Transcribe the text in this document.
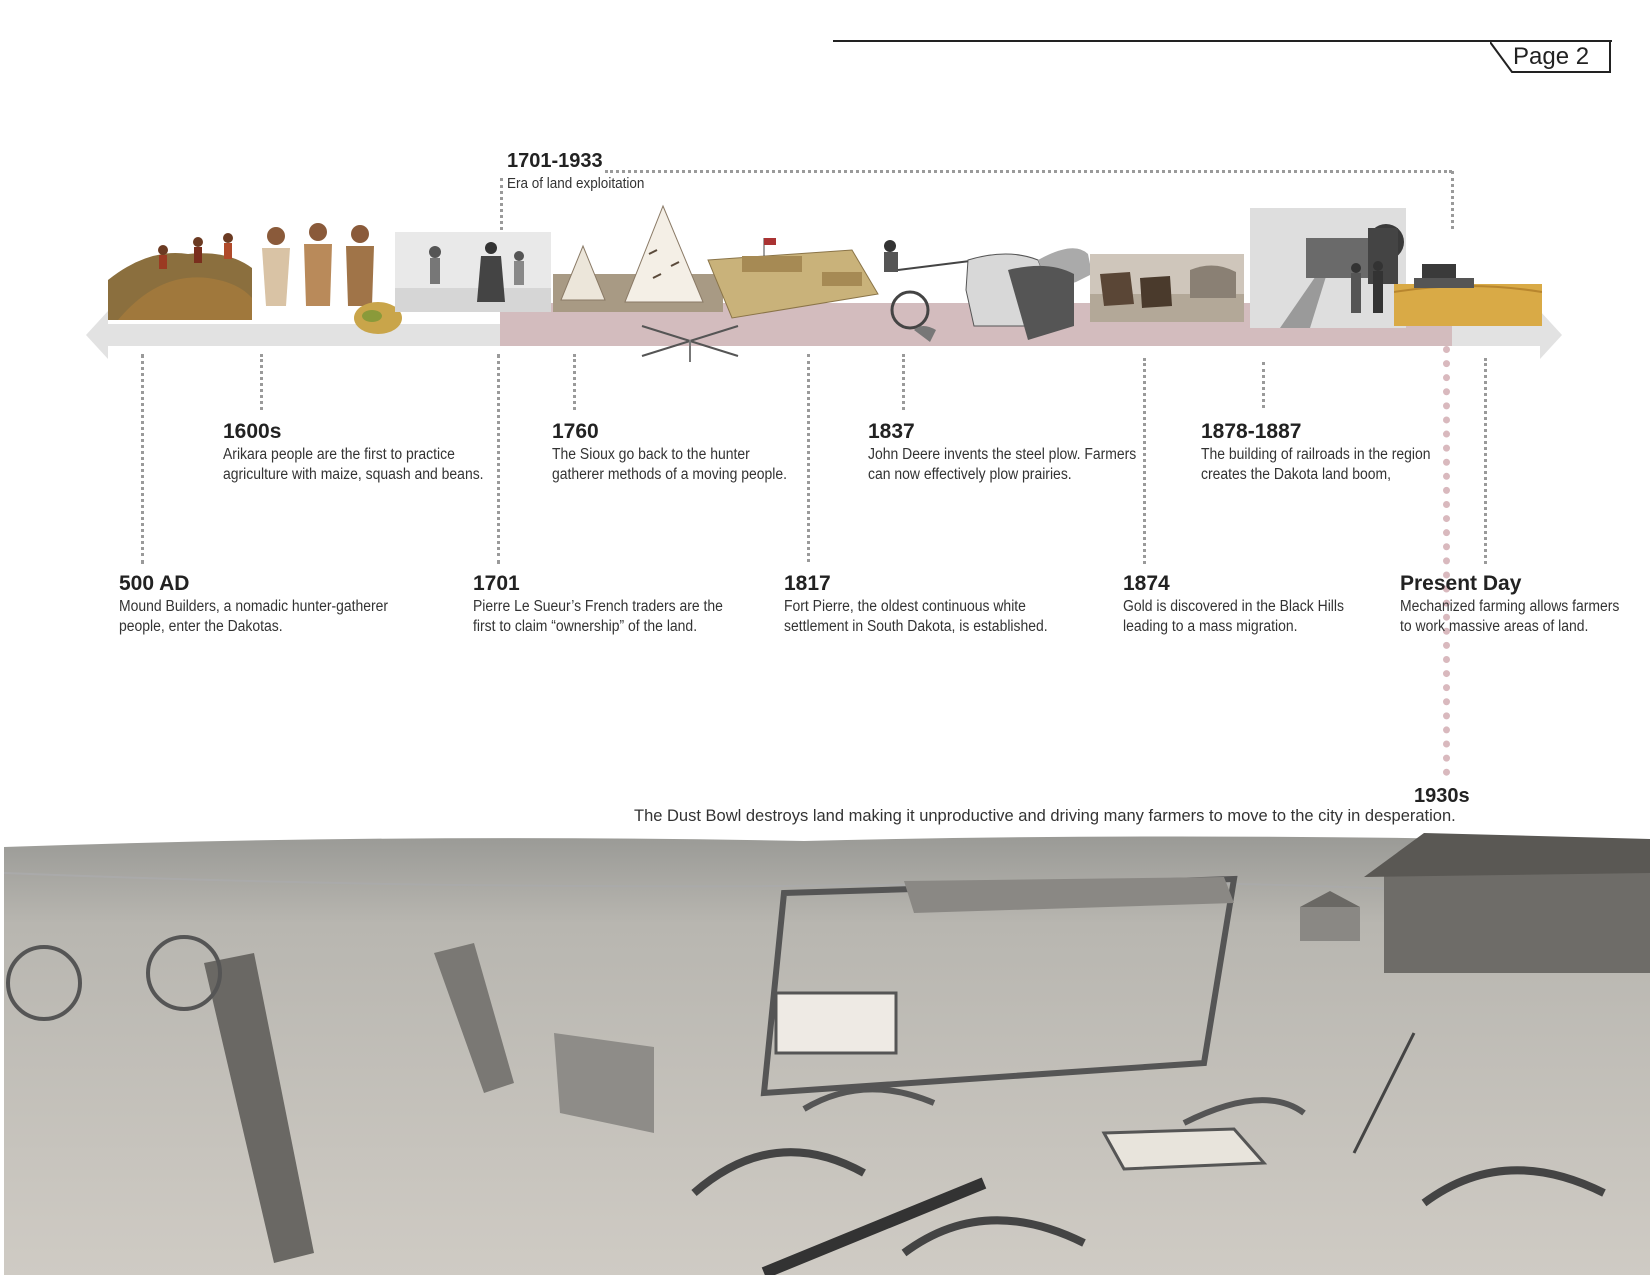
Page 2
1701-1933
Era of land exploitation
1600s
Arikara people are the first to practice
agriculture with maize, squash and beans.
1760
The Sioux go back to the hunter
gatherer methods of a moving people.
1837
John Deere invents the steel plow. Farmers
can now effectively plow prairies.
1878-1887
The building of railroads in the region
creates the Dakota land boom,
500 AD
Mound Builders, a nomadic hunter-gatherer
people, enter the Dakotas.
1701
Pierre Le Sueur’s French traders are the
first to claim “ownership” of the land.
1817
Fort Pierre, the oldest continuous white
settlement in South Dakota, is established.
1874
Gold is discovered in the Black Hills
leading to a mass migration.
Present Day
Mechanized farming allows farmers
to work massive areas of land.
1930s
The Dust Bowl destroys land making it unproductive and driving many farmers to move to the city in desperation.
